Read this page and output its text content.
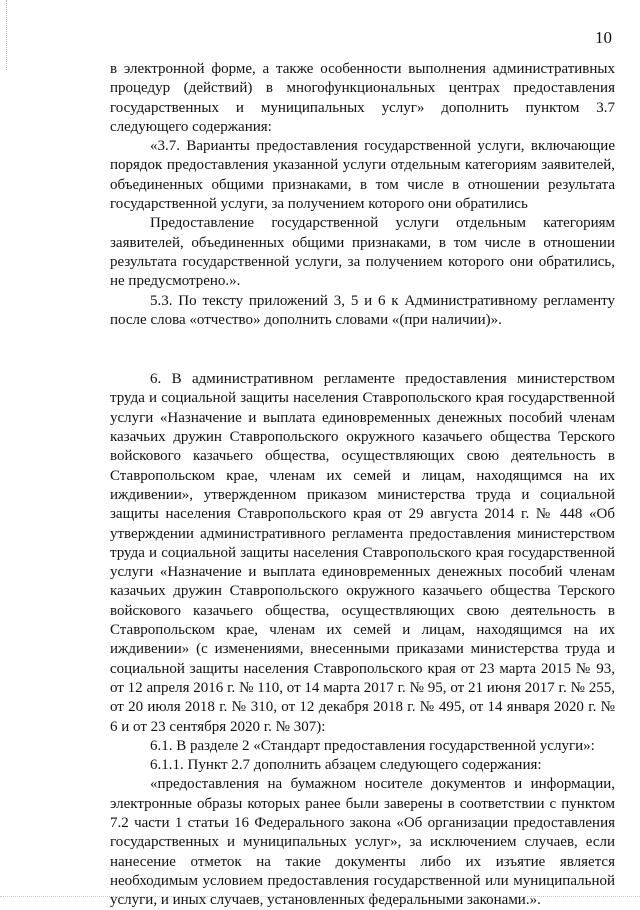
10

в электронной форме, а также особенности выполнения административных процедур (действий) в многофункциональных центрах предоставления государственных и муниципальных услуг» дополнить пунктом 3.7 следующего содержания:

«3.7. Варианты предоставления государственной услуги, включающие порядок предоставления указанной услуги отдельным категориям заявителей, объединенных общими признаками, в том числе в отношении результата государственной услуги, за получением которого они обратились

Предоставление государственной услуги отдельным категориям заявителей, объединенных общими признаками, в том числе в отношении результата государственной услуги, за получением которого они обратились, не предусмотрено.».

5.3. По тексту приложений 3, 5 и 6 к Административному регламенту после слова «отчество» дополнить словами «(при наличии)».

6. В административном регламенте предоставления министерством труда и социальной защиты населения Ставропольского края государственной услуги «Назначение и выплата единовременных денежных пособий членам казачьих дружин Ставропольского окружного казачьего общества Терского войскового казачьего общества, осуществляющих свою деятельность в Ставропольском крае, членам их семей и лицам, находящимся на их иждивении», утвержденном приказом министерства труда и социальной защиты населения Ставропольского края от 29 августа 2014 г. № 448 «Об утверждении административного регламента предоставления министерством труда и социальной защиты населения Ставропольского края государственной услуги «Назначение и выплата единовременных денежных пособий членам казачьих дружин Ставропольского окружного казачьего общества Терского войскового казачьего общества, осуществляющих свою деятельность в Ставропольском крае, членам их семей и лицам, находящимся на их иждивении» (с изменениями, внесенными приказами министерства труда и социальной защиты населения Ставропольского края от 23 марта 2015 № 93, от 12 апреля 2016 г. № 110, от 14 марта 2017 г. № 95, от 21 июня 2017 г. № 255, от 20 июля 2018 г. № 310, от 12 декабря 2018 г. № 495, от 14 января 2020 г. № 6 и от 23 сентября 2020 г. № 307):

6.1. В разделе 2 «Стандарт предоставления государственной услуги»:

6.1.1. Пункт 2.7 дополнить абзацем следующего содержания:

«предоставления на бумажном носителе документов и информации, электронные образы которых ранее были заверены в соответствии с пунктом 7.2 части 1 статьи 16 Федерального закона «Об организации предоставления государственных и муниципальных услуг», за исключением случаев, если нанесение отметок на такие документы либо их изъятие является необходимым условием предоставления государственной или муниципальной услуги, и иных случаев, установленных федеральными законами.».
